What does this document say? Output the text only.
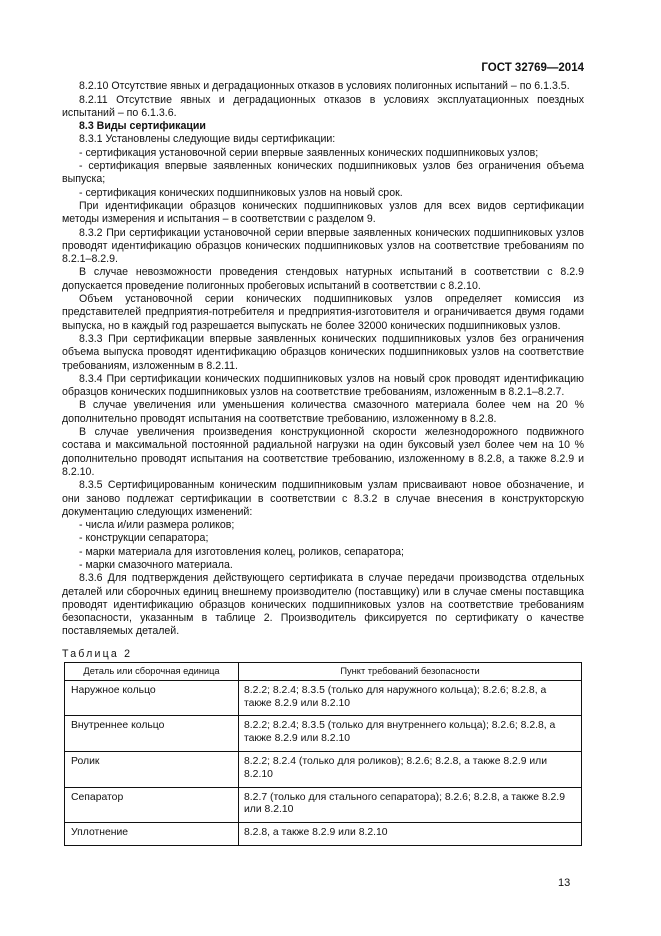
ГОСТ 32769—2014

8.2.10 Отсутствие явных и деградационных отказов в условиях полигонных испытаний – по 6.1.3.5.

8.2.11 Отсутствие явных и деградационных отказов в условиях эксплуатационных поездных испытаний – по 6.1.3.6.

8.3 Виды сертификации

8.3.1 Установлены следующие виды сертификации:

- сертификация установочной серии впервые заявленных конических подшипниковых узлов;

- сертификация впервые заявленных конических подшипниковых узлов без ограничения объема выпуска;

- сертификация конических подшипниковых узлов на новый срок.

При идентификации образцов конических подшипниковых узлов для всех видов сертификации методы измерения и испытания – в соответствии с разделом 9.

8.3.2 При сертификации установочной серии впервые заявленных конических подшипниковых узлов проводят идентификацию образцов конических подшипниковых узлов на соответствие требованиям по 8.2.1–8.2.9.

В случае невозможности проведения стендовых натурных испытаний в соответствии с 8.2.9 допускается проведение полигонных пробеговых испытаний в соответствии с 8.2.10.

Объем установочной серии конических подшипниковых узлов определяет комиссия из представителей предприятия-потребителя и предприятия-изготовителя и ограничивается двумя годами выпуска, но в каждый год разрешается выпускать не более 32000 конических подшипниковых узлов.

8.3.3 При сертификации впервые заявленных конических подшипниковых узлов без ограничения объема выпуска проводят идентификацию образцов конических подшипниковых узлов на соответствие требованиям, изложенным в 8.2.11.

8.3.4 При сертификации конических подшипниковых узлов на новый срок проводят идентификацию образцов конических подшипниковых узлов на соответствие требованиям, изложенным в 8.2.1–8.2.7.

В случае увеличения или уменьшения количества смазочного материала более чем на 20 % дополнительно проводят испытания на соответствие требованию, изложенному в 8.2.8.

В случае увеличения произведения конструкционной скорости железнодорожного подвижного состава и максимальной постоянной радиальной нагрузки на один буксовый узел более чем на 10 % дополнительно проводят испытания на соответствие требованию, изложенному в 8.2.8, а также 8.2.9 и 8.2.10.

8.3.5 Сертифицированным коническим подшипниковым узлам присваивают новое обозначение, и они заново подлежат сертификации в соответствии с 8.3.2 в случае внесения в конструкторскую документацию следующих изменений:

- числа и/или размера роликов;

- конструкции сепаратора;

- марки материала для изготовления колец, роликов, сепаратора;

- марки смазочного материала.

8.3.6 Для подтверждения действующего сертификата в случае передачи производства отдельных деталей или сборочных единиц внешнему производителю (поставщику) или в случае смены поставщика проводят идентификацию образцов конических подшипниковых узлов на соответствие требованиям безопасности, указанным в таблице 2. Производитель фиксируется по сертификату о качестве поставляемых деталей.

Таблица 2
Деталь или сборочная единица	Пункт требований безопасности
Наружное кольцо	8.2.2; 8.2.4; 8.3.5 (только для наружного кольца); 8.2.6; 8.2.8, а также 8.2.9 или 8.2.10
Внутреннее кольцо	8.2.2; 8.2.4; 8.3.5 (только для внутреннего кольца); 8.2.6; 8.2.8, а также 8.2.9 или 8.2.10
Ролик	8.2.2; 8.2.4 (только для роликов); 8.2.6; 8.2.8, а также 8.2.9 или 8.2.10
Сепаратор	8.2.7 (только для стального сепаратора); 8.2.6; 8.2.8, а также 8.2.9 или 8.2.10
Уплотнение	8.2.8, а также 8.2.9 или 8.2.10
13
